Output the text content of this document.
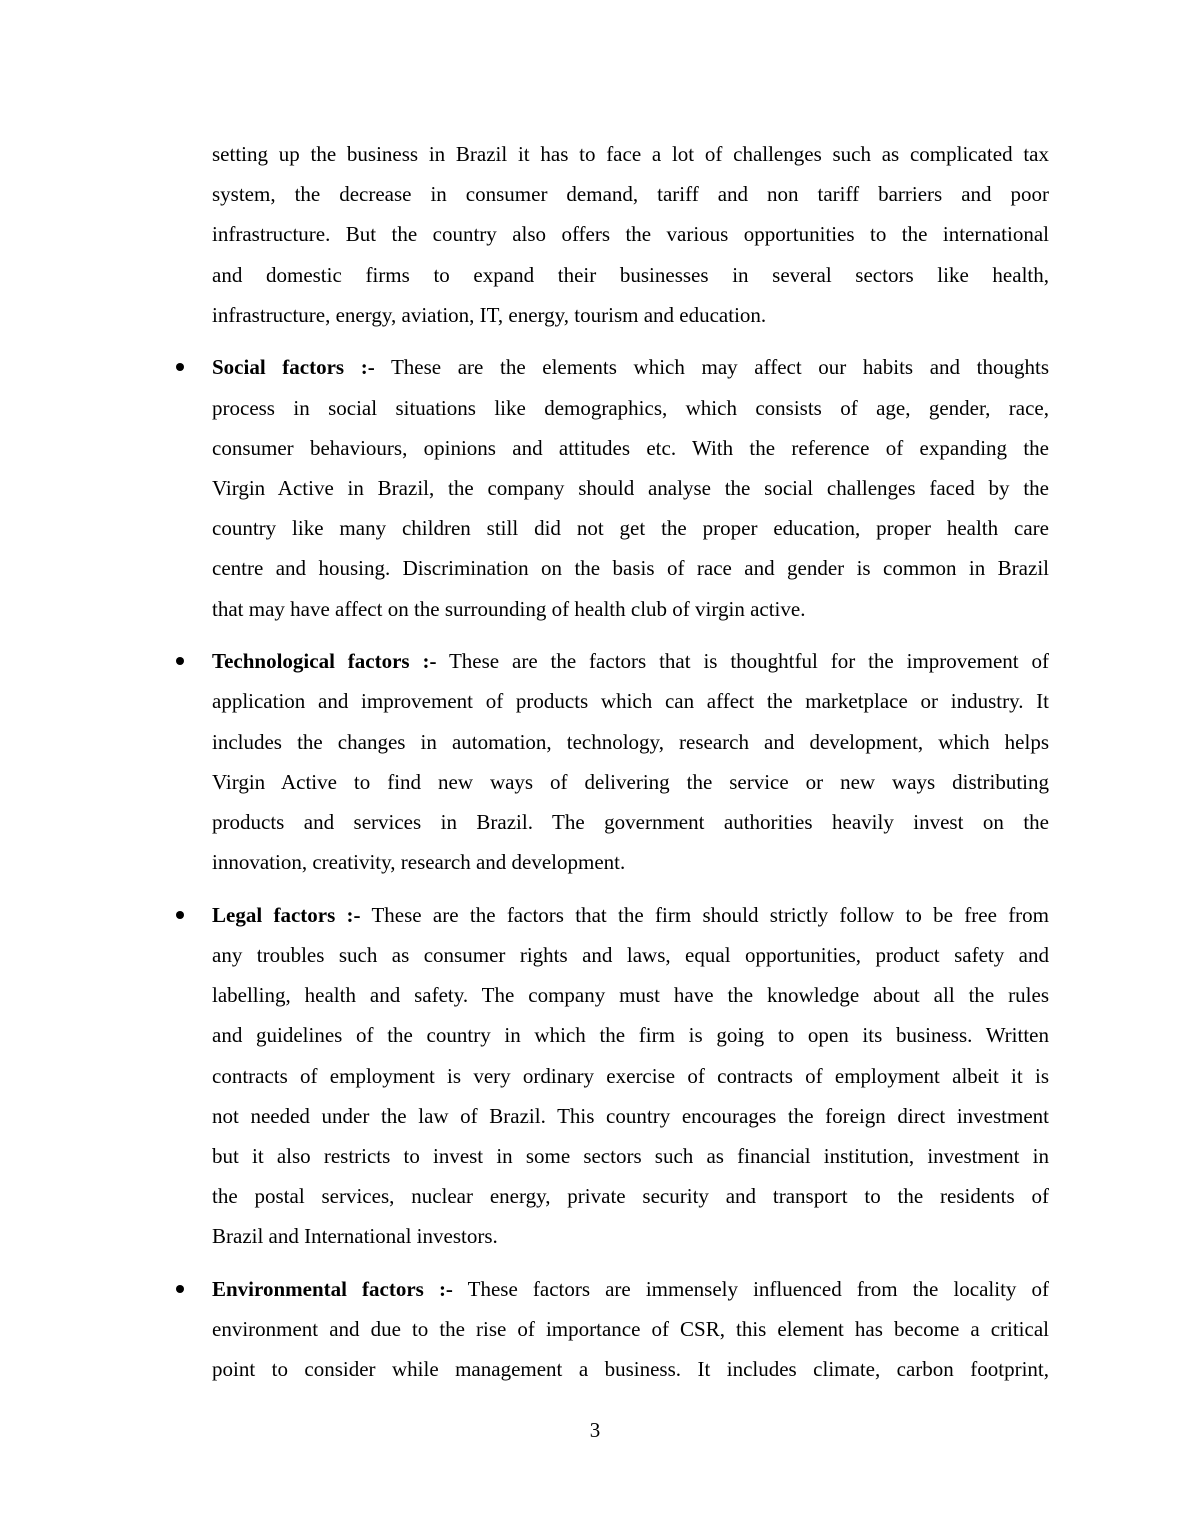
setting up the business in Brazil it has to face a lot of challenges such as complicated tax
system, the decrease in consumer demand, tariff and non tariff barriers and poor
infrastructure. But the country also offers the various opportunities to the international
and domestic firms to expand their businesses in several sectors like health,
infrastructure, energy, aviation, IT, energy, tourism and education.
Social factors :- These are the elements which may affect our habits and thoughts
process in social situations like demographics, which consists of age, gender, race,
consumer behaviours, opinions and attitudes etc. With the reference of expanding the
Virgin Active in Brazil, the company should analyse the social challenges faced by the
country like many children still did not get the proper education, proper health care
centre and housing. Discrimination on the basis of race and gender is common in Brazil
that may have affect on the surrounding of health club of virgin active.
Technological factors :- These are the factors that is thoughtful for the improvement of
application and improvement of products which can affect the marketplace or industry. It
includes the changes in automation, technology, research and development, which helps
Virgin Active to find new ways of delivering the service or new ways distributing
products and services in Brazil. The government authorities heavily invest on the
innovation, creativity, research and development.
Legal factors :- These are the factors that the firm should strictly follow to be free from
any troubles such as consumer rights and laws, equal opportunities, product safety and
labelling, health and safety. The company must have the knowledge about all the rules
and guidelines of the country in which the firm is going to open its business. Written
contracts of employment is very ordinary exercise of contracts of employment albeit it is
not needed under the law of Brazil. This country encourages the foreign direct investment
but it also restricts to invest in some sectors such as financial institution, investment in
the postal services, nuclear energy, private security and transport to the residents of
Brazil and International investors.
Environmental factors :- These factors are immensely influenced from the locality of
environment and due to the rise of importance of CSR, this element has become a critical
point to consider while management a business. It includes climate, carbon footprint,
3
